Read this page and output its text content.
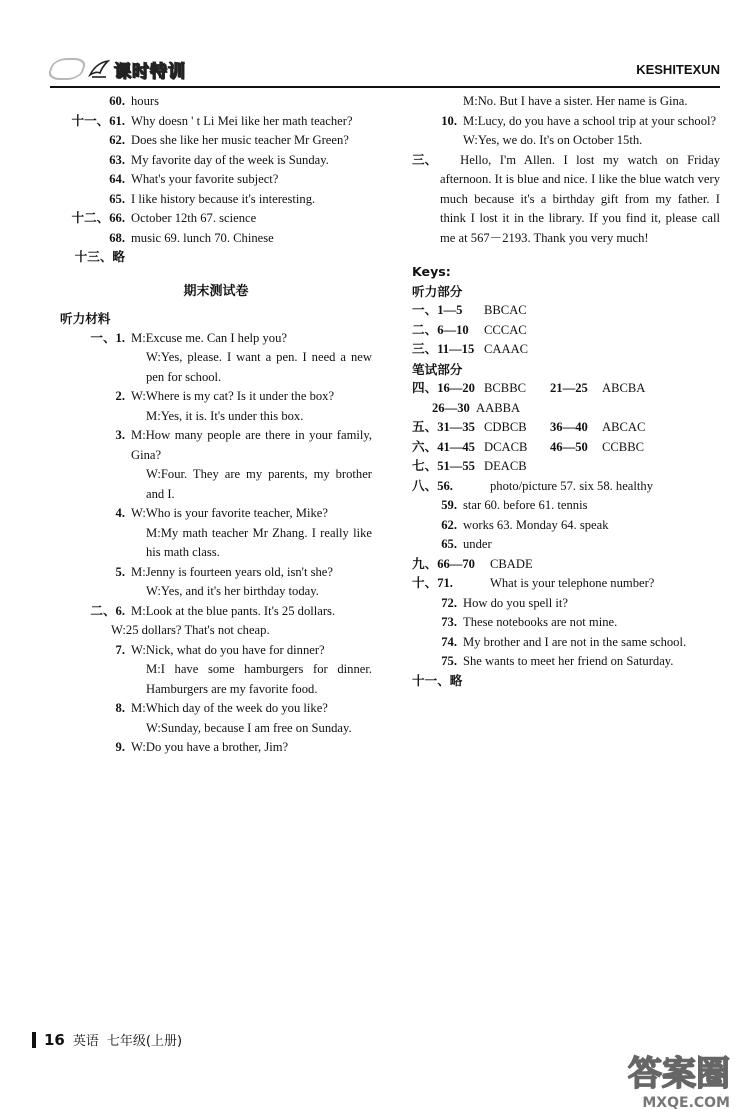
课时特训	KESHITEXUN
60. hours
十一、61. Why doesn ' t Li Mei like her math teacher?
62. Does she like her music teacher Mr Green?
63. My favorite day of the week is Sunday.
64. What's your favorite subject?
65. I like history because it's interesting.
十二、66. October 12th 67. science
68. music 69. lunch 70. Chinese
十三、略
期末测试卷
听力材料
一、1. M:Excuse me. Can I help you?
W:Yes, please. I want a pen. I need a new pen for school.
2. W:Where is my cat? Is it under the box?
M:Yes, it is. It's under this box.
3. M:How many people are there in your family, Gina?
W:Four. They are my parents, my brother and I.
4. W:Who is your favorite teacher, Mike?
M:My math teacher Mr Zhang. I really like his math class.
5. M:Jenny is fourteen years old, isn't she?
W:Yes, and it's her birthday today.
二、6. M:Look at the blue pants. It's 25 dollars.
W:25 dollars? That's not cheap.
7. W:Nick, what do you have for dinner?
M:I have some hamburgers for dinner. Hamburgers are my favorite food.
8. M:Which day of the week do you like?
W:Sunday, because I am free on Sunday.
9. W:Do you have a brother, Jim?
M:No. But I have a sister. Her name is Gina.
10. M:Lucy, do you have a school trip at your school?
W:Yes, we do. It's on October 15th.
三、	Hello, I'm Allen. I lost my watch on Friday afternoon. It is blue and nice. I like the blue watch very much because it's a birthday gift from my father. I think I lost it in the library. If you find it, please call me at 567－2193. Thank you very much!
Keys:
听力部分
一、1—5	BBCAC
二、6—10	CCCAC
三、11—15 CAAAC
笔试部分
四、16—20 BCBBC	21—25	ABCBA
26—30 AABBA
五、31—35 CDBCB	36—40	ABCAC
六、41—45 DCACB	46—50	CCBBC
七、51—55 DEACB
八、56.	photo/picture 57. six 58. healthy
59. star 60. before 61. tennis
62. works 63. Monday 64. speak
65. under
九、66—70	CBADE
十、71.	What is your telephone number?
72. How do you spell it?
73. These notebooks are not mine.
74. My brother and I are not in the same school.
75. She wants to meet her friend on Saturday.
十一、略
16 英语 七年级(上册)
答案圈
MXQE.COM
